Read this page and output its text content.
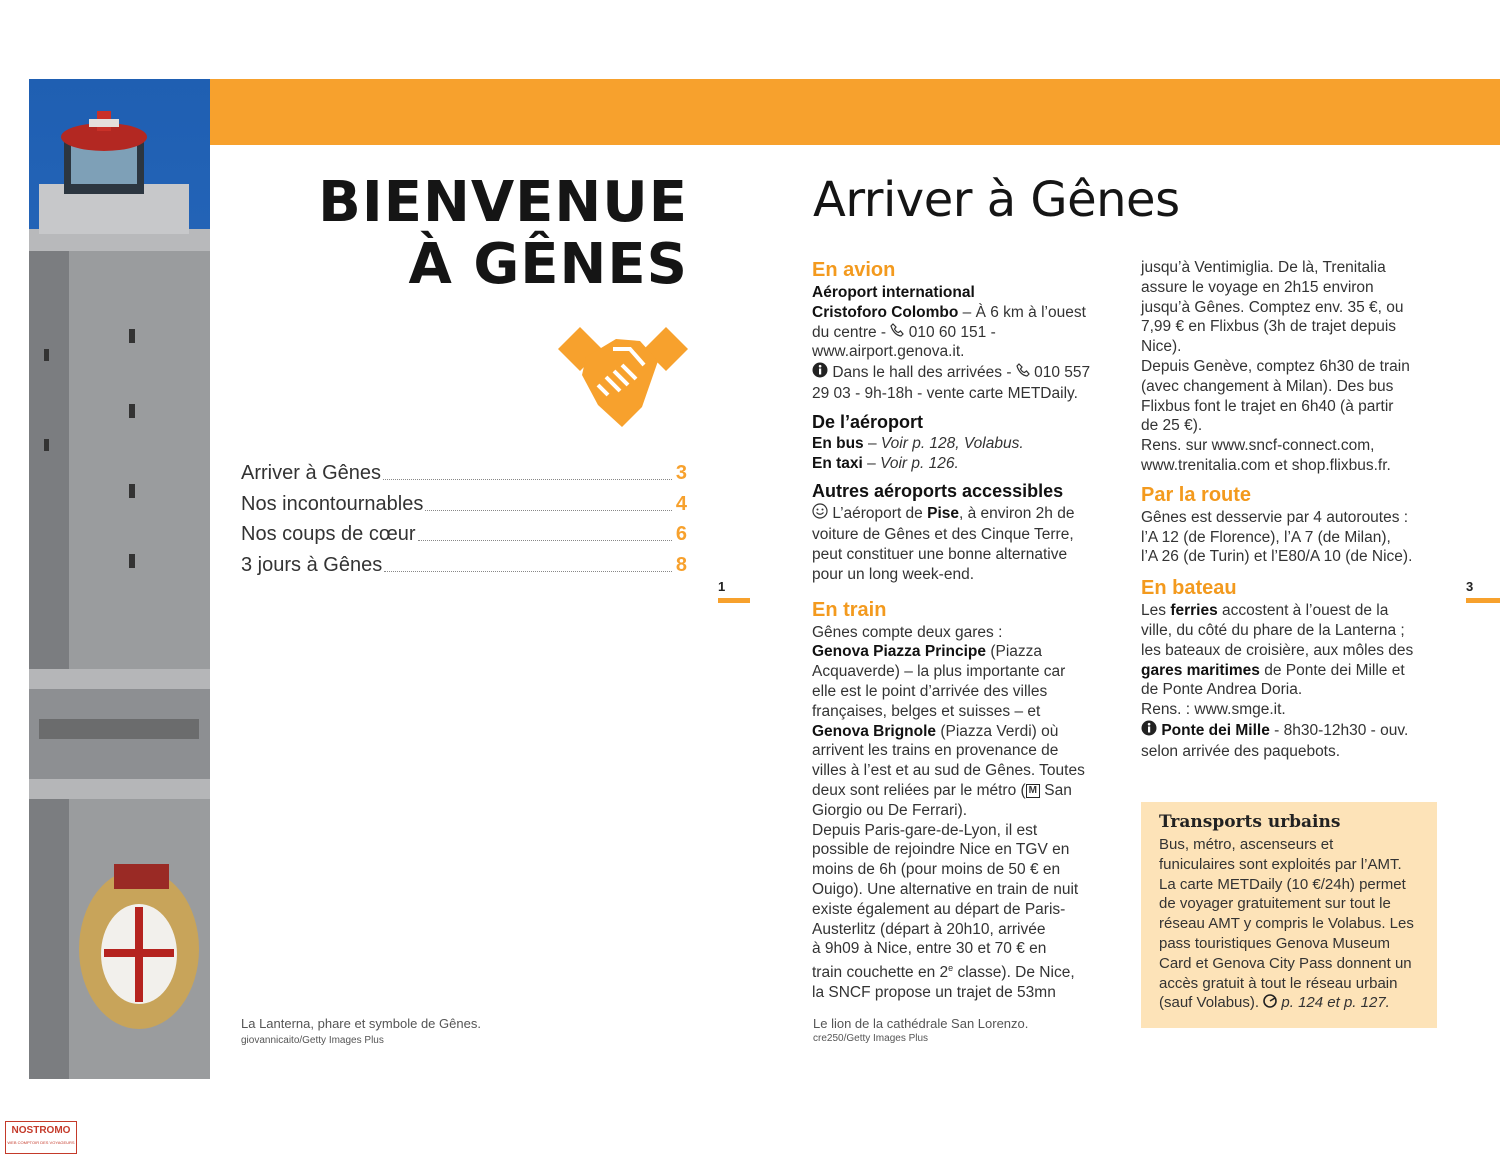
BIENVENUE
À GÊNES
Arriver à Gênes	3
Nos incontournables	4
Nos coups de cœur	6
3 jours à Gênes	8
1
La Lanterna, phare et symbole de Gênes.
giovannicaito/Getty Images Plus
Arriver à Gênes
3
En avion
Aéroport international
Cristoforo Colombo – À 6 km à l’ouest
du centre -  010 60 151 -
www.airport.genova.it.
Dans le hall des arrivées -  010 557
29 03 - 9h-18h - vente carte METDaily.
De l’aéroport
En bus – Voir p. 128, Volabus.
En taxi – Voir p. 126.
Autres aéroports accessibles
L’aéroport de Pise, à environ 2h de
voiture de Gênes et des Cinque Terre,
peut constituer une bonne alternative
pour un long week-end.
En train
Gênes compte deux gares :
Genova Piazza Principe (Piazza
Acquaverde) – la plus importante car
elle est le point d’arrivée des villes
françaises, belges et suisses – et
Genova Brignole (Piazza Verdi) où
arrivent les trains en provenance de
villes à l’est et au sud de Gênes. Toutes
deux sont reliées par le métro ( M San
Giorgio ou De Ferrari).
Depuis Paris-gare-de-Lyon, il est
possible de rejoindre Nice en TGV en
moins de 6h (pour moins de 50 € en
Ouigo). Une alternative en train de nuit
existe également au départ de Paris-
Austerlitz (départ à 20h10, arrivée
à 9h09 à Nice, entre 30 et 70 € en
train couchette en 2e classe). De Nice,
la SNCF propose un trajet de 53mn
Le lion de la cathédrale San Lorenzo.
cre250/Getty Images Plus
jusqu’à Ventimiglia. De là, Trenitalia
assure le voyage en 2h15 environ
jusqu’à Gênes. Comptez env. 35 €, ou
7,99 € en Flixbus (3h de trajet depuis
Nice).
Depuis Genève, comptez 6h30 de train
(avec changement à Milan). Des bus
Flixbus font le trajet en 6h40 (à partir
de 25 €).
Rens. sur www.sncf-connect.com,
www.trenitalia.com et shop.flixbus.fr.
Par la route
Gênes est desservie par 4 autoroutes :
l’A 12 (de Florence), l’A 7 (de Milan),
l’A 26 (de Turin) et l’E80/A 10 (de Nice).
En bateau
Les ferries accostent à l’ouest de la
ville, du côté du phare de la Lanterna ;
les bateaux de croisière, aux môles des
gares maritimes de Ponte dei Mille et
de Ponte Andrea Doria.
Rens. : www.smge.it.
Ponte dei Mille - 8h30-12h30 - ouv.
selon arrivée des paquebots.
Transports urbains
Bus, métro, ascenseurs et
funiculaires sont exploités par l’AMT.
La carte METDaily (10 €/24h) permet
de voyager gratuitement sur tout le
réseau AMT y compris le Volabus. Les
pass touristiques Genova Museum
Card et Genova City Pass donnent un
accès gratuit à tout le réseau urbain
(sauf Volabus).  p. 124 et p. 127.
NOSTROMO
WEB COMPTOIR DES VOYAGEURS
